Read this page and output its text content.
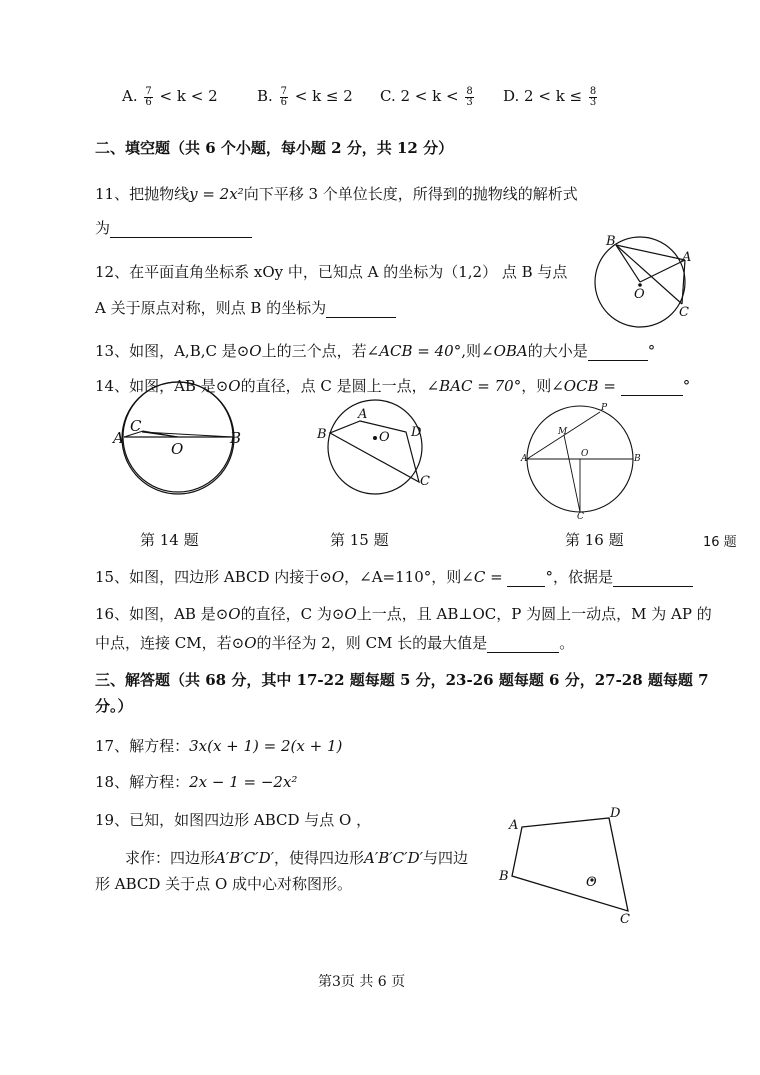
A. $\frac{7}{6} < k < 2$	B. $\frac{7}{6} < k \le 2$ C. $2 < k < \frac{8}{3} D$. $2 < k \le \frac{8}{3}$
二、填空题（共 6 个小题，每小题 2 分，共 12 分）
11、把抛物线y = 2x²向下平移 3 个单位长度，所得到的抛物线的解析式
为
B
A
O
C
12、在平面直角坐标系 xOy 中，已知点 A 的坐标为（1,2） 点 B 与点
A 关于原点对称，则点 B 的坐标为
13、如图，A,B,C 是⊙O上的三个点，若∠ACB = 40°,则∠OBA的大小是	°
14、如图，AB 是⊙O的直径，点 C 是圆上一点，∠BAC = 70°，则∠OCB =	°
C
A
O
B
A
D
B	O
C
P
M
O
A	B
C
第 14 题	第 15 题	第 16 题	16 题
15、如图，四边形 ABCD 内接于⊙O，∠A=110°，则∠C =	°，依据是
16、如图，AB 是⊙O的直径，C 为⊙O上一点，且 AB⊥OC，P 为圆上一动点，M 为 AP 的
中点，连接 CM，若⊙O的半径为 2，则 CM 长的最大值是	。
三、解答题（共 68 分，其中 17-22 题每题 5 分，23-26 题每题 6 分，27-28 题每题 7
分。）
17、解方程：3x(x + 1) = 2(x + 1)
18、解方程：2x − 1 = −2x²
19、已知，如图四边形 ABCD 与点 O ，
求作：四边形A′B′C′D′，使得四边形A′B′C′D′与四边
形 ABCD 关于点 O 成中心对称图形。
A
D
B	O
C
第3页 共 6 页
